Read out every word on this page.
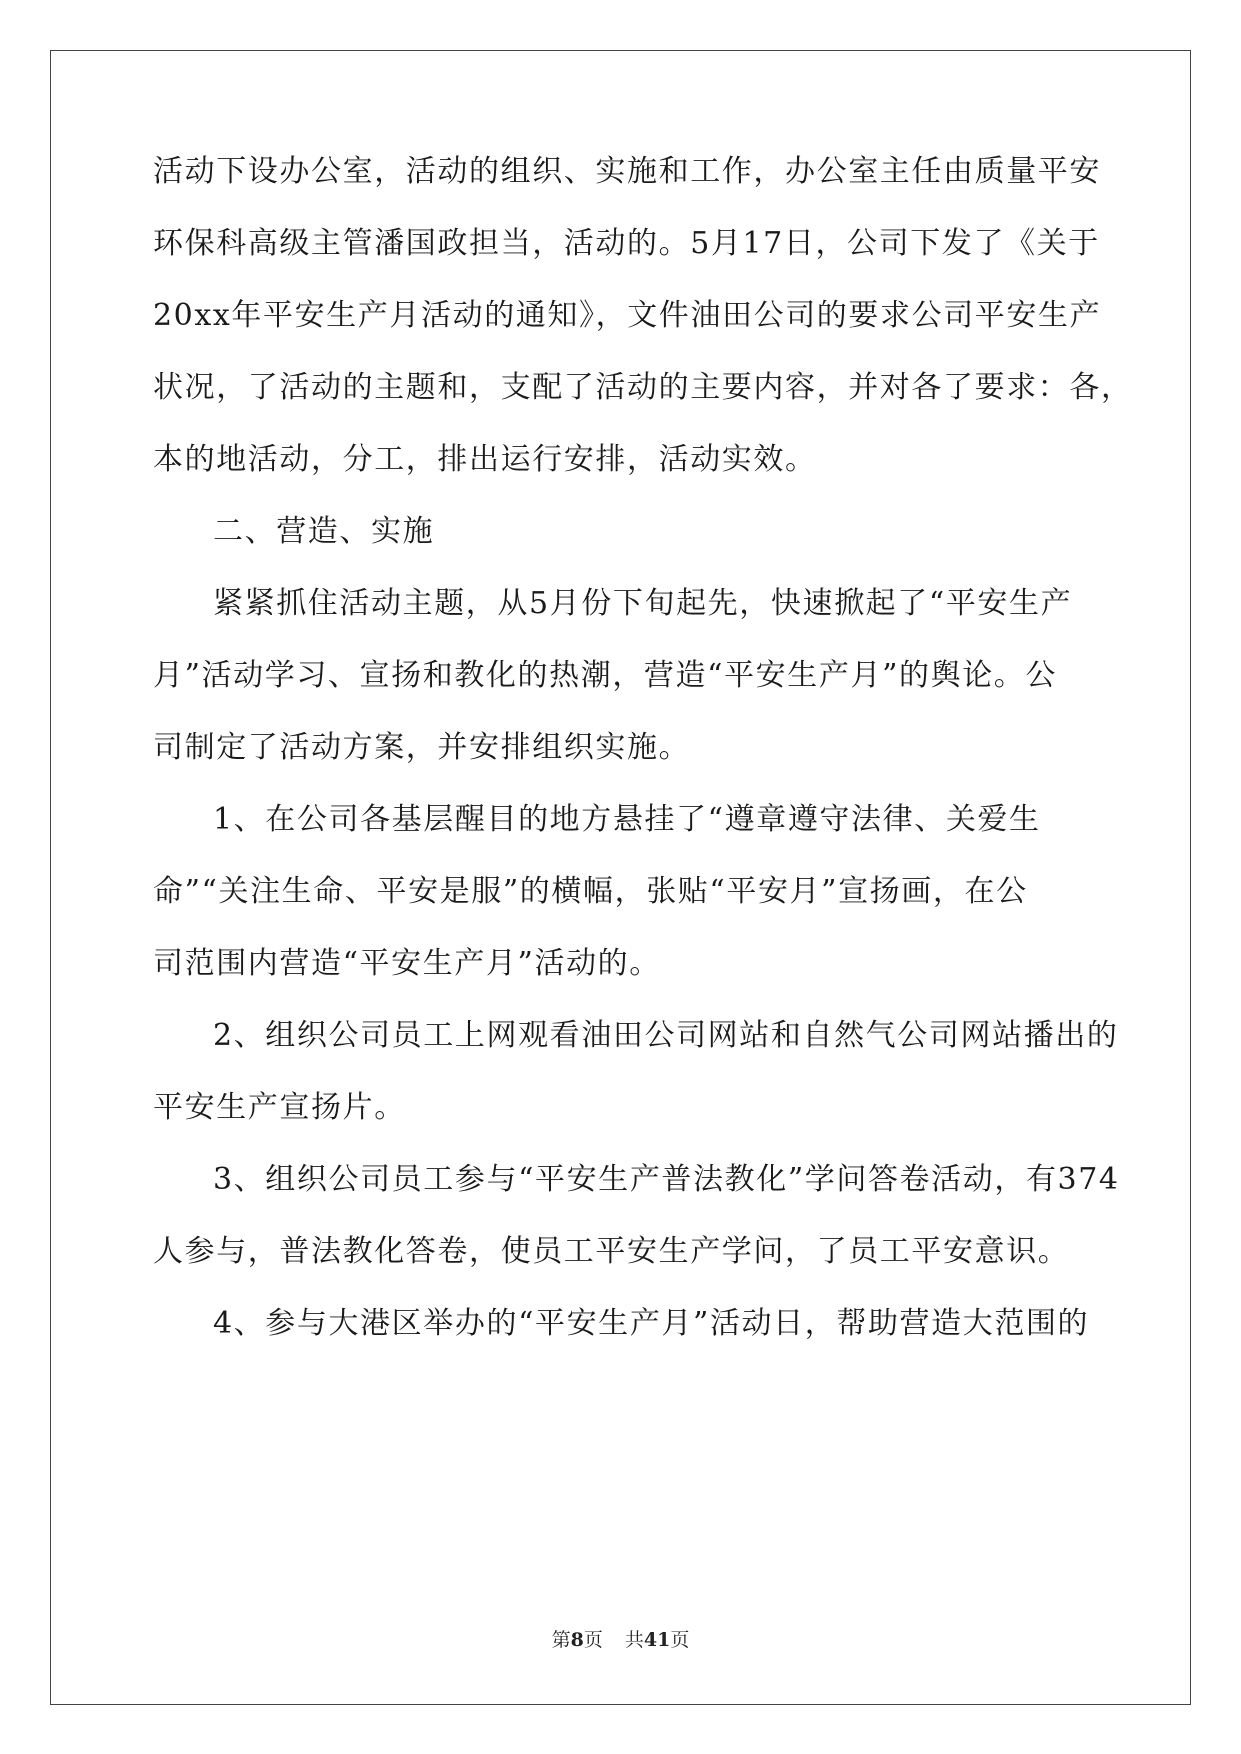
活动下设办公室，活动的组织、实施和工作，办公室主任由质量平安
环保科高级主管潘国政担当，活动的。5月17日，公司下发了《关于
20xx年平安生产月活动的通知》，文件油田公司的要求公司平安生产
状况，了活动的主题和，支配了活动的主要内容，并对各了要求：各，
本的地活动，分工，排出运行安排，活动实效。
二、营造、实施
紧紧抓住活动主题，从5月份下旬起先，快速掀起了“平安生产
月”活动学习、宣扬和教化的热潮，营造“平安生产月”的舆论。公
司制定了活动方案，并安排组织实施。
1、在公司各基层醒目的地方悬挂了“遵章遵守法律、关爱生
命”“关注生命、平安是服”的横幅，张贴“平安月”宣扬画，在公
司范围内营造“平安生产月”活动的。
2、组织公司员工上网观看油田公司网站和自然气公司网站播出的
平安生产宣扬片。
3、组织公司员工参与“平安生产普法教化”学问答卷活动，有374
人参与，普法教化答卷，使员工平安生产学问，了员工平安意识。
4、参与大港区举办的“平安生产月”活动日，帮助营造大范围的
第8页 共41页
